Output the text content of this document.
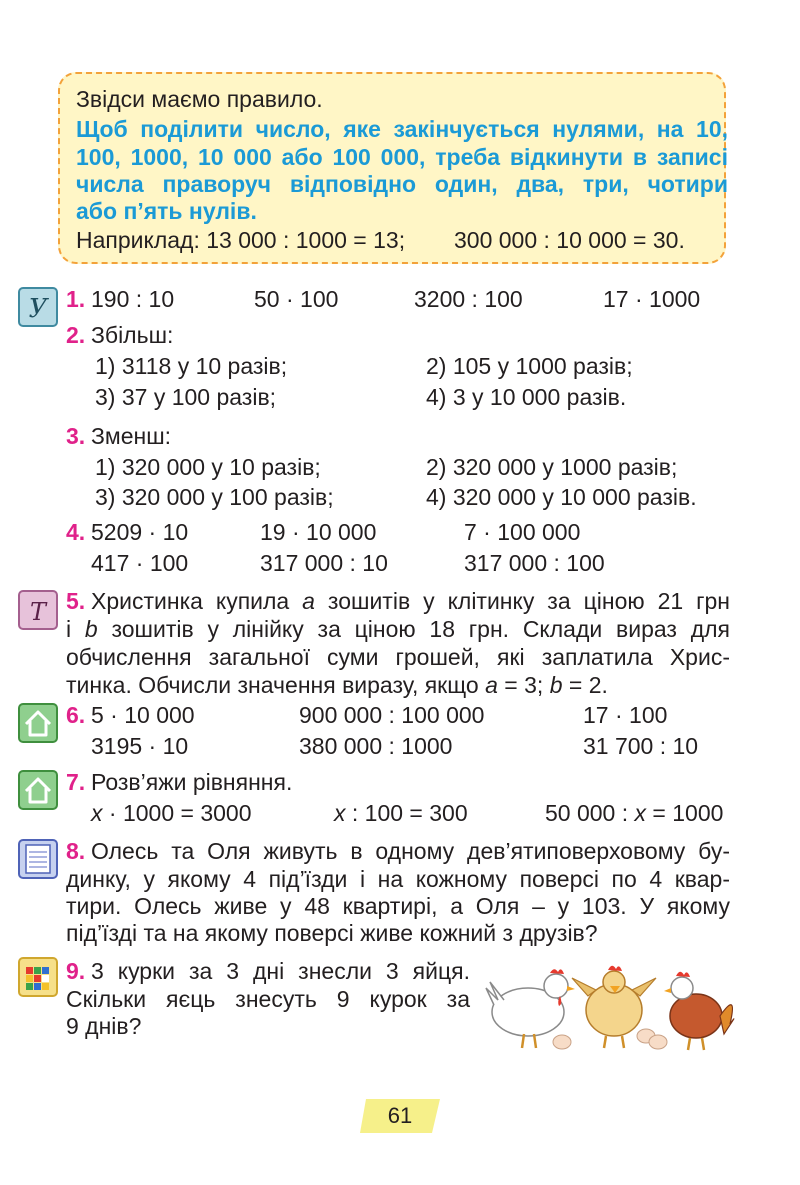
Звідси маємо правило.
Щоб поділити число, яке закінчується нулями, на 10,
100, 1000, 10 000 або 100 000, треба відкинути в записі
числа праворуч відповідно один, два, три, чотири
або п’ять нулів.
Наприклад: 13 000 : 1000 = 13; 300 000 : 10 000 = 30.
У 1. 190 : 10	50 · 100	3200 : 100	17 · 1000
2. Збільш:
1) 3118 у 10 разів;	2) 105 у 1000 разів;
3) 37 у 100 разів;	4) 3 у 10 000 разів.
3. Зменш:
1) 320 000 у 10 разів;	2) 320 000 у 1000 разів;
3) 320 000 у 100 разів;	4) 320 000 у 10 000 разів.
4. 5209 · 10	19 · 10 000	7 · 100 000
417 · 100	317 000 : 10	317 000 : 100
Т 5. Христинка купила a зошитів у клітинку за ціною 21 грн
і b зошитів у лінійку за ціною 18 грн. Склади вираз для
обчислення загальної суми грошей, які заплатила Хрис-
тинка. Обчисли значення виразу, якщо a = 3; b = 2.
6. 5 · 10 000	900 000 : 100 000	17 · 100
3195 · 10	380 000 : 1000	31 700 : 10
7. Розв’яжи рівняння.
x · 1000 = 3000	x : 100 = 300	50 000 : x = 1000
8. Олесь та Оля живуть в одному дев’ятиповерховому бу-
динку, у якому 4 під’їзди і на кожному поверсі по 4 квар-
тири. Олесь живе у 48 квартирі, а Оля – у 103. У якому
під’їзді та на якому поверсі живе кожний з друзів?
9. 3 курки за 3 дні знесли 3 яйця.
Скільки яєць знесуть 9 курок за
9 днів?
61
